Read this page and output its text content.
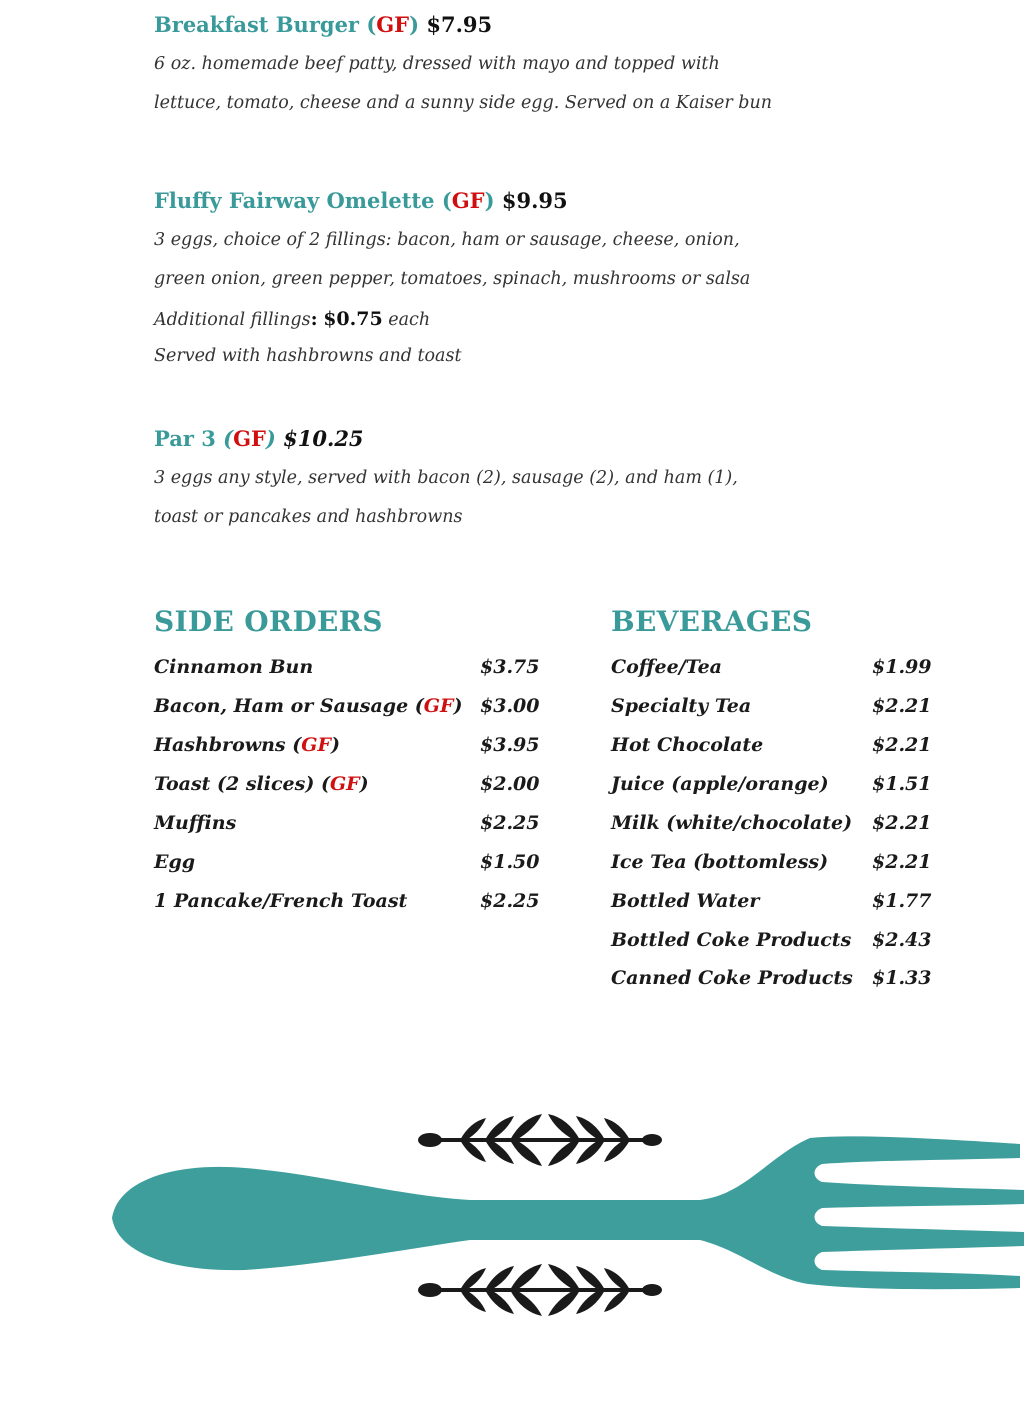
Breakfast Burger (GF) $7.95
6 oz. homemade beef patty, dressed with mayo and topped with
lettuce, tomato, cheese and a sunny side egg. Served on a Kaiser bun
Fluffy Fairway Omelette (GF) $9.95
3 eggs, choice of 2 fillings: bacon, ham or sausage, cheese, onion,
green onion, green pepper, tomatoes, spinach, mushrooms or salsa
Additional fillings: $0.75 each
Served with hashbrowns and toast
Par 3 (GF) $10.25
3 eggs any style, served with bacon (2), sausage (2), and ham (1),
toast or pancakes and hashbrowns
SIDE ORDERS
Cinnamon Bun	$3.75
Bacon, Ham or Sausage (GF) $3.00
Hashbrowns (GF)	$3.95
Toast (2 slices) (GF)	$2.00
Muffins	$2.25
Egg	$1.50
1 Pancake/French Toast	$2.25
BEVERAGES
Coffee/Tea	$1.99
Specialty Tea	$2.21
Hot Chocolate	$2.21
Juice (apple/orange) $1.51
Milk (white/chocolate) $2.21
Ice Tea (bottomless) $2.21
Bottled Water	$1.77
Bottled Coke Products $2.43
Canned Coke Products $1.33
